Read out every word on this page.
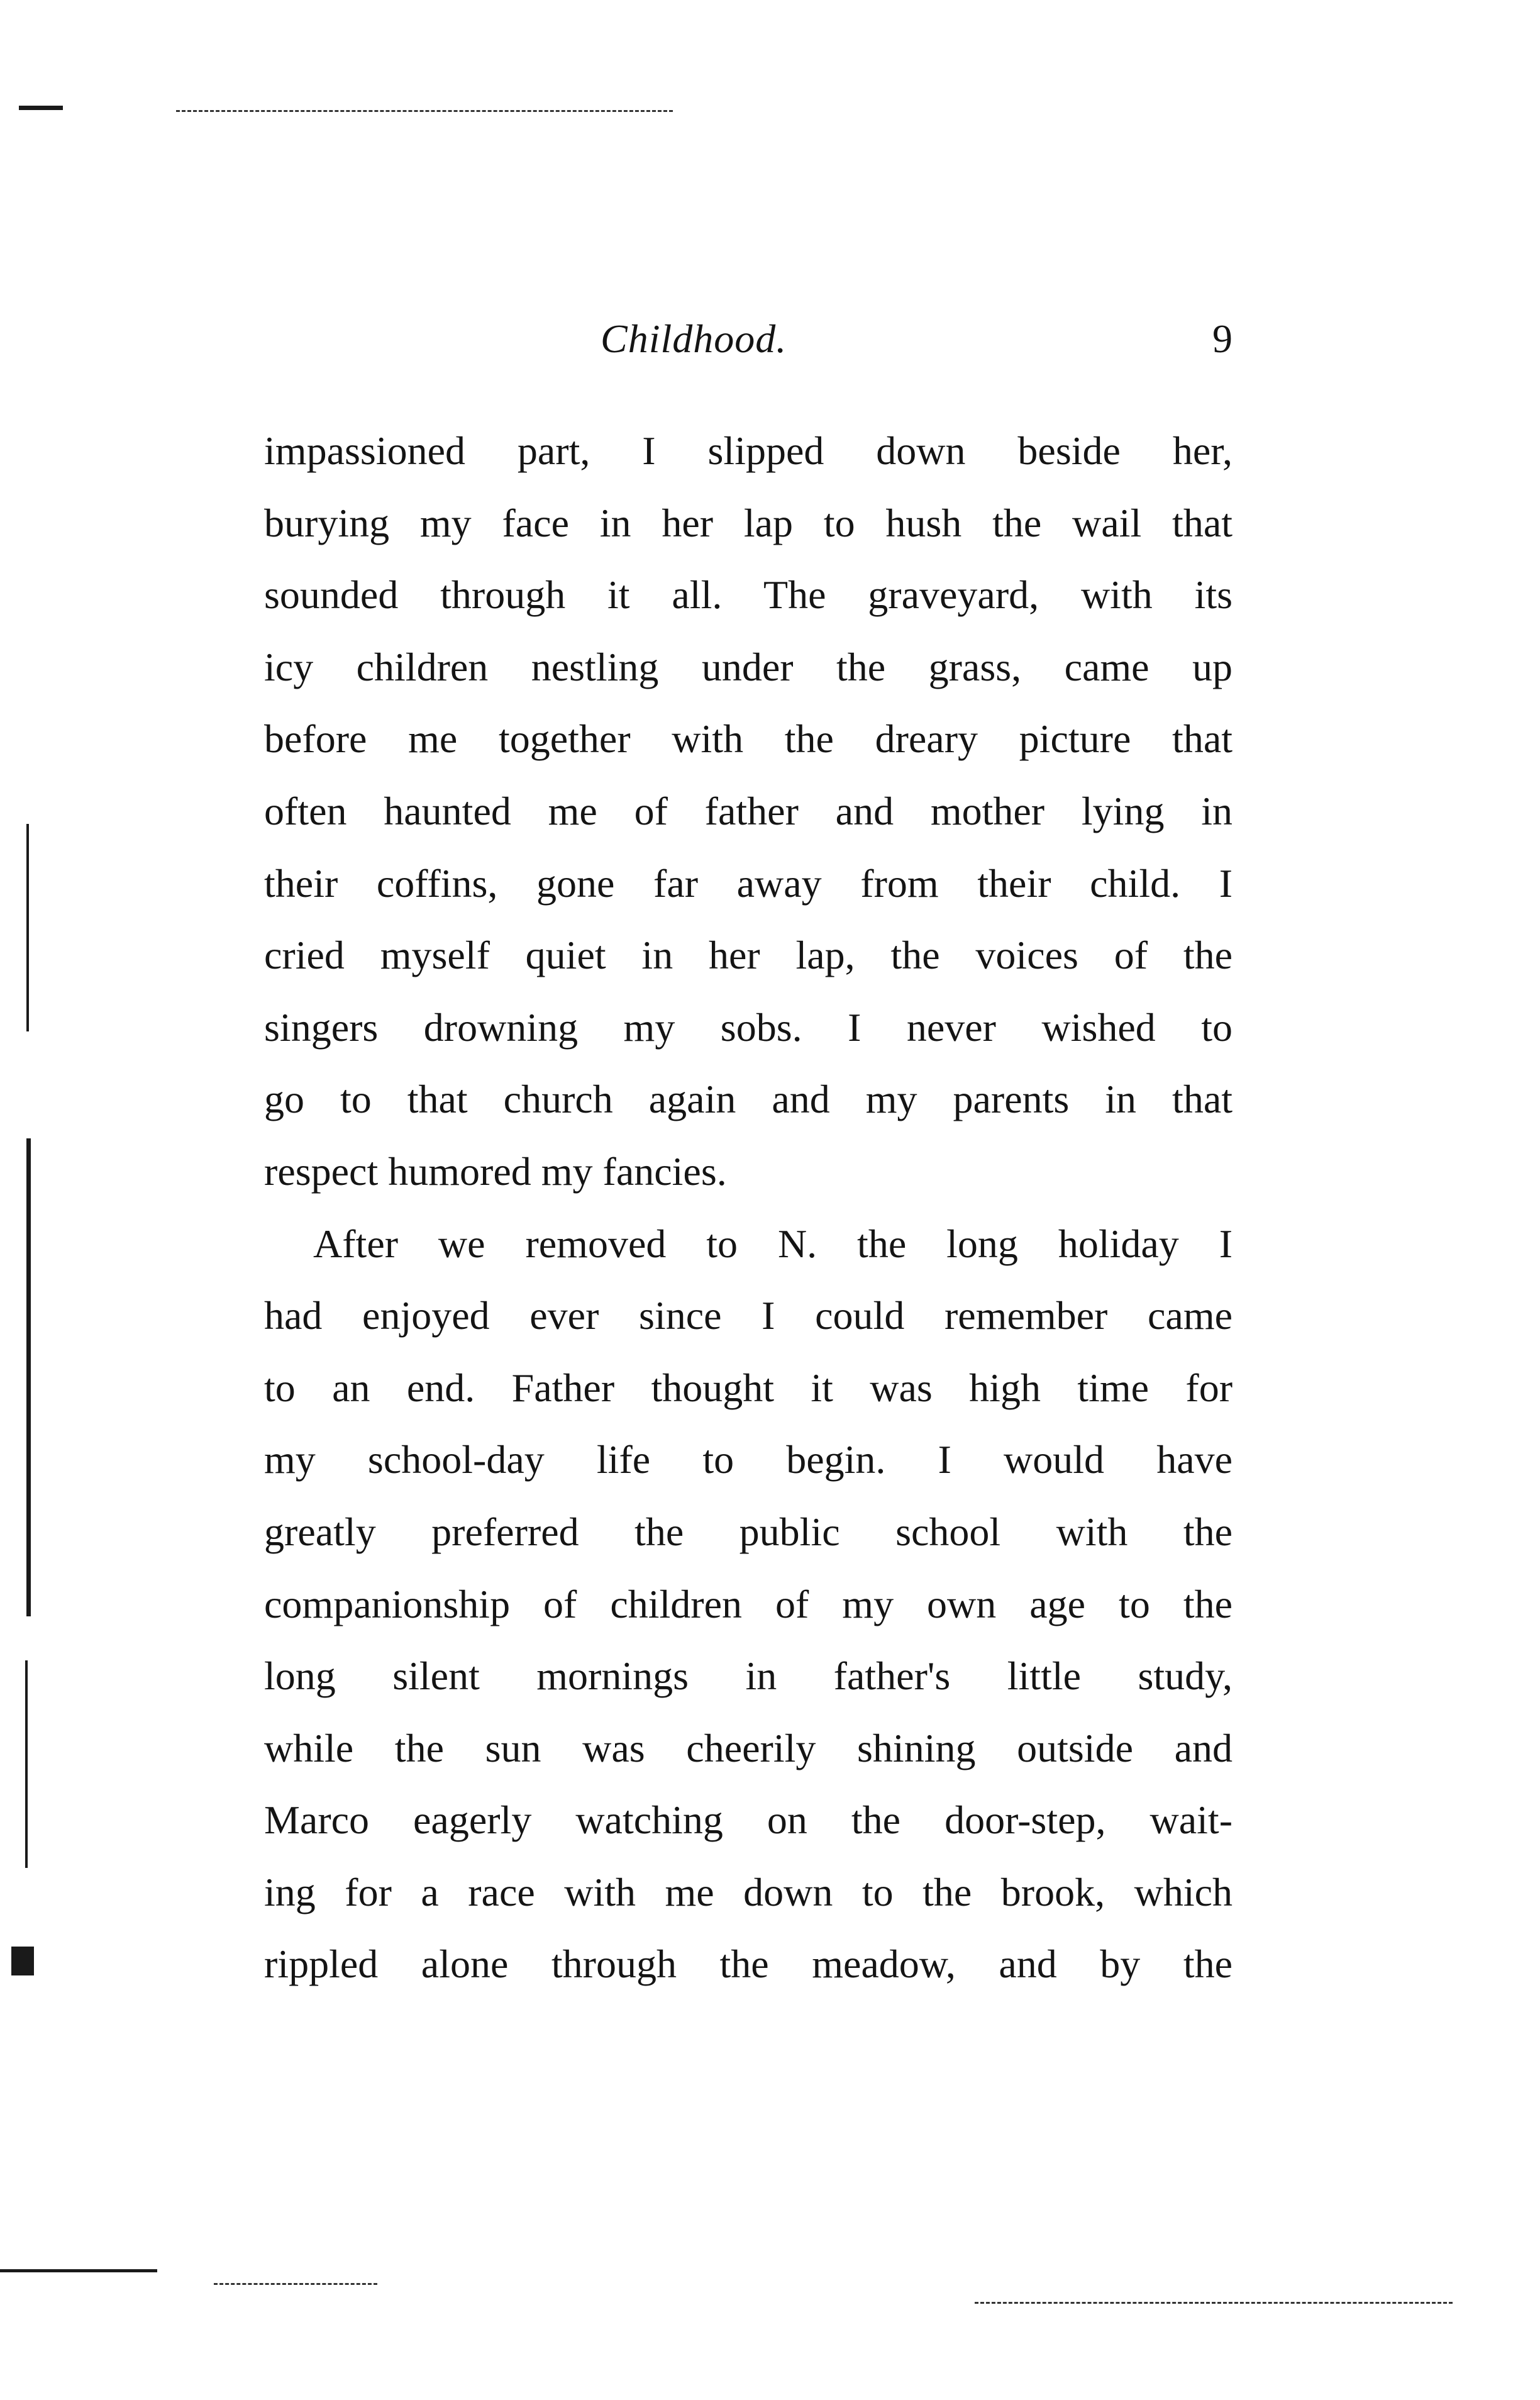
Childhood.	9
impassioned part, I slipped down beside her,
burying my face in her lap to hush the wail that
sounded through it all. The graveyard, with its
icy children nestling under the grass, came up
before me together with the dreary picture that
often haunted me of father and mother lying in
their coffins, gone far away from their child. I
cried myself quiet in her lap, the voices of the
singers drowning my sobs. I never wished to
go to that church again and my parents in that
respect humored my fancies.
After we removed to N. the long holiday I
had enjoyed ever since I could remember came
to an end. Father thought it was high time for
my school-day life to begin. I would have
greatly preferred the public school with the
companionship of children of my own age to the
long silent mornings in father's little study,
while the sun was cheerily shining outside and
Marco eagerly watching on the door-step, wait-
ing for a race with me down to the brook, which
rippled alone through the meadow, and by the
